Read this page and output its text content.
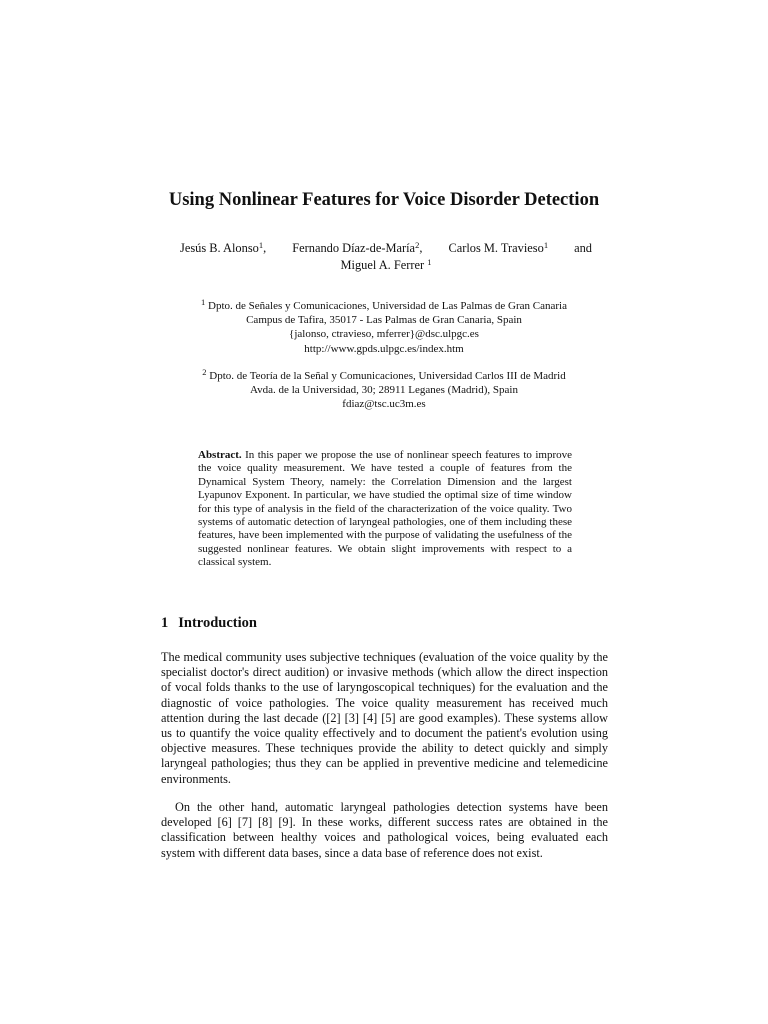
Using Nonlinear Features for Voice Disorder Detection
Jesús B. Alonso$^1$, Fernando Díaz-de-María$^2$, Carlos M. Travieso$^1$ and
Miguel A. Ferrer $^1$
$^1$ Dpto. de Señales y Comunicaciones, Universidad de Las Palmas de Gran Canaria
Campus de Tafira, 35017 - Las Palmas de Gran Canaria, Spain
{jalonso, ctravieso, mferrer}@dsc.ulpgc.es
http://www.gpds.ulpgc.es/index.htm
$^2$ Dpto. de Teoría de la Señal y Comunicaciones, Universidad Carlos III de Madrid
Avda. de la Universidad, 30; 28911 Leganes (Madrid), Spain
fdiaz@tsc.uc3m.es
Abstract. In this paper we propose the use of nonlinear speech features to improve the voice quality measurement. We have tested a couple of features from the Dynamical System Theory, namely: the Correlation Dimension and the largest Lyapunov Exponent. In particular, we have studied the optimal size of time window for this type of analysis in the field of the characterization of the voice quality. Two systems of automatic detection of laryngeal pathologies, one of them including these features, have been implemented with the purpose of validating the usefulness of the suggested nonlinear features. We obtain slight improvements with respect to a classical system.
1 Introduction
The medical community uses subjective techniques (evaluation of the voice quality by the specialist doctor's direct audition) or invasive methods (which allow the direct inspection of vocal folds thanks to the use of laryngoscopical techniques) for the evaluation and the diagnostic of voice pathologies. The voice quality measurement has received much attention during the last decade ([2] [3] [4] [5] are good examples). These systems allow us to quantify the voice quality effectively and to document the patient's evolution using objective measures. These techniques provide the ability to detect quickly and simply laryngeal pathologies; thus they can be applied in preventive medicine and telemedicine environments.
On the other hand, automatic laryngeal pathologies detection systems have been developed [6] [7] [8] [9]. In these works, different success rates are obtained in the classification between healthy voices and pathological voices, being evaluated each system with different data bases, since a data base of reference does not exist.
